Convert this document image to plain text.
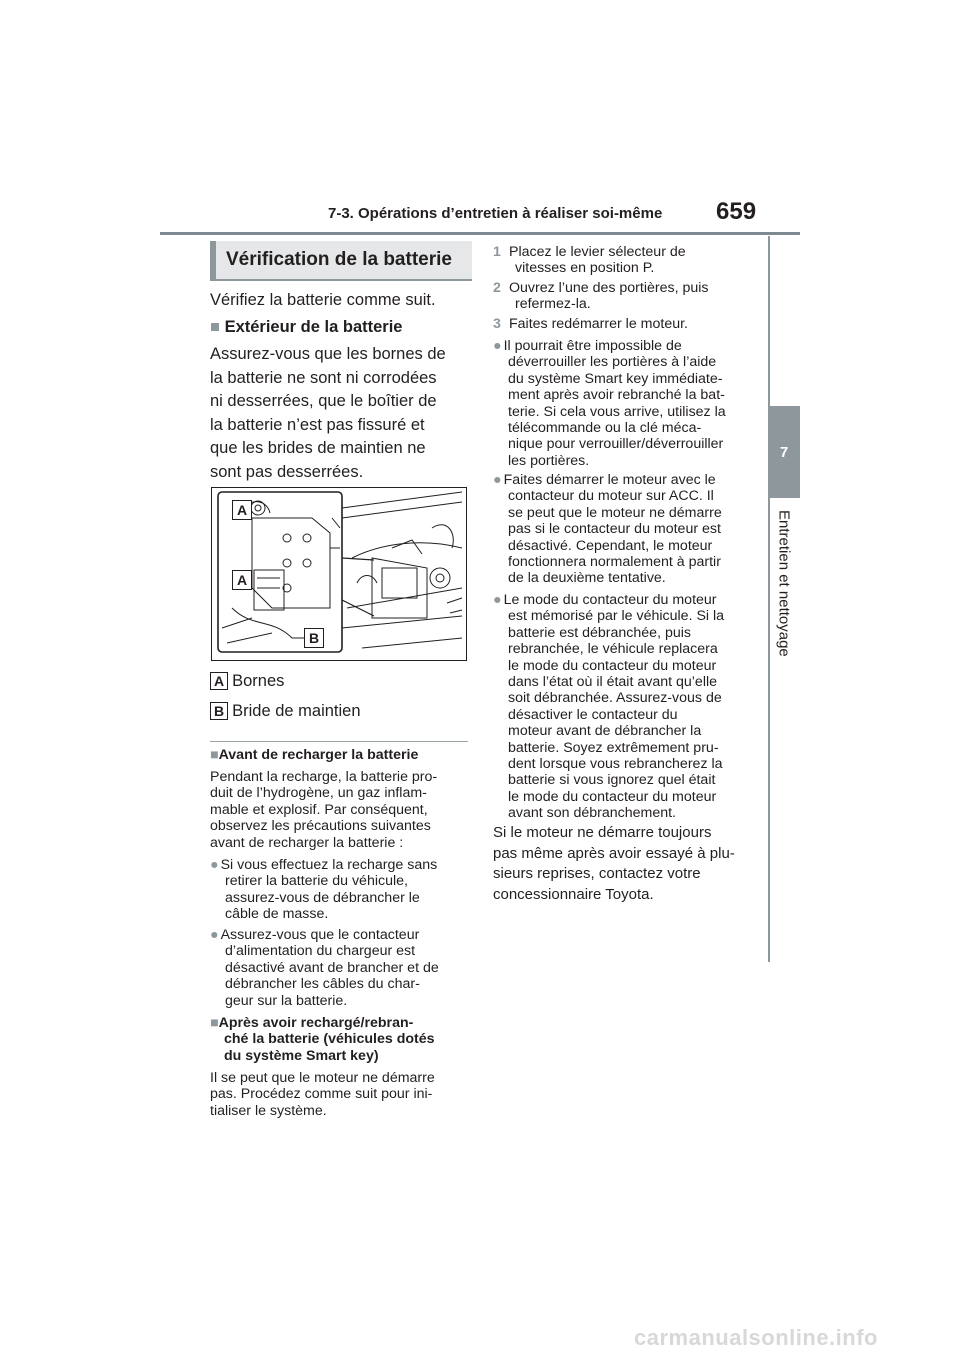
7-3. Opérations d’entretien à réaliser soi-même 659
7
Entretien et nettoyage
Vérification de la batterie
Vérifiez la batterie comme suit.
■ Extérieur de la batterie
Assurez-vous que les bornes de
la batterie ne sont ni corrodées
ni desserrées, que le boîtier de
la batterie n’est pas fissuré et
que les brides de maintien ne
sont pas desserrées.
A
A
B
A Bornes
B Bride de maintien
■Avant de recharger la batterie
Pendant la recharge, la batterie pro-
duit de l’hydrogène, un gaz inflam-
mable et explosif. Par conséquent,
observez les précautions suivantes
avant de recharger la batterie :
● Si vous effectuez la recharge sans
retirer la batterie du véhicule,
assurez-vous de débrancher le
câble de masse.
● Assurez-vous que le contacteur
d’alimentation du chargeur est
désactivé avant de brancher et de
débrancher les câbles du char-
geur sur la batterie.
■Après avoir rechargé/rebran-
ché la batterie (véhicules dotés
du système Smart key)
Il se peut que le moteur ne démarre
pas. Procédez comme suit pour ini-
tialiser le système.
1 Placez le levier sélecteur de
vitesses en position P.
2 Ouvrez l’une des portières, puis
refermez-la.
3 Faites redémarrer le moteur.
● Il pourrait être impossible de
déverrouiller les portières à l’aide
du système Smart key immédiate-
ment après avoir rebranché la bat-
terie. Si cela vous arrive, utilisez la
télécommande ou la clé méca-
nique pour verrouiller/déverrouiller
les portières.
● Faites démarrer le moteur avec le
contacteur du moteur sur ACC. Il
se peut que le moteur ne démarre
pas si le contacteur du moteur est
désactivé. Cependant, le moteur
fonctionnera normalement à partir
de la deuxième tentative.
● Le mode du contacteur du moteur
est mémorisé par le véhicule. Si la
batterie est débranchée, puis
rebranchée, le véhicule replacera
le mode du contacteur du moteur
dans l’état où il était avant qu’elle
soit débranchée. Assurez-vous de
désactiver le contacteur du
moteur avant de débrancher la
batterie. Soyez extrêmement pru-
dent lorsque vous rebrancherez la
batterie si vous ignorez quel était
le mode du contacteur du moteur
avant son débranchement.
Si le moteur ne démarre toujours
pas même après avoir essayé à plu-
sieurs reprises, contactez votre
concessionnaire Toyota.
carmanualsonline.info
